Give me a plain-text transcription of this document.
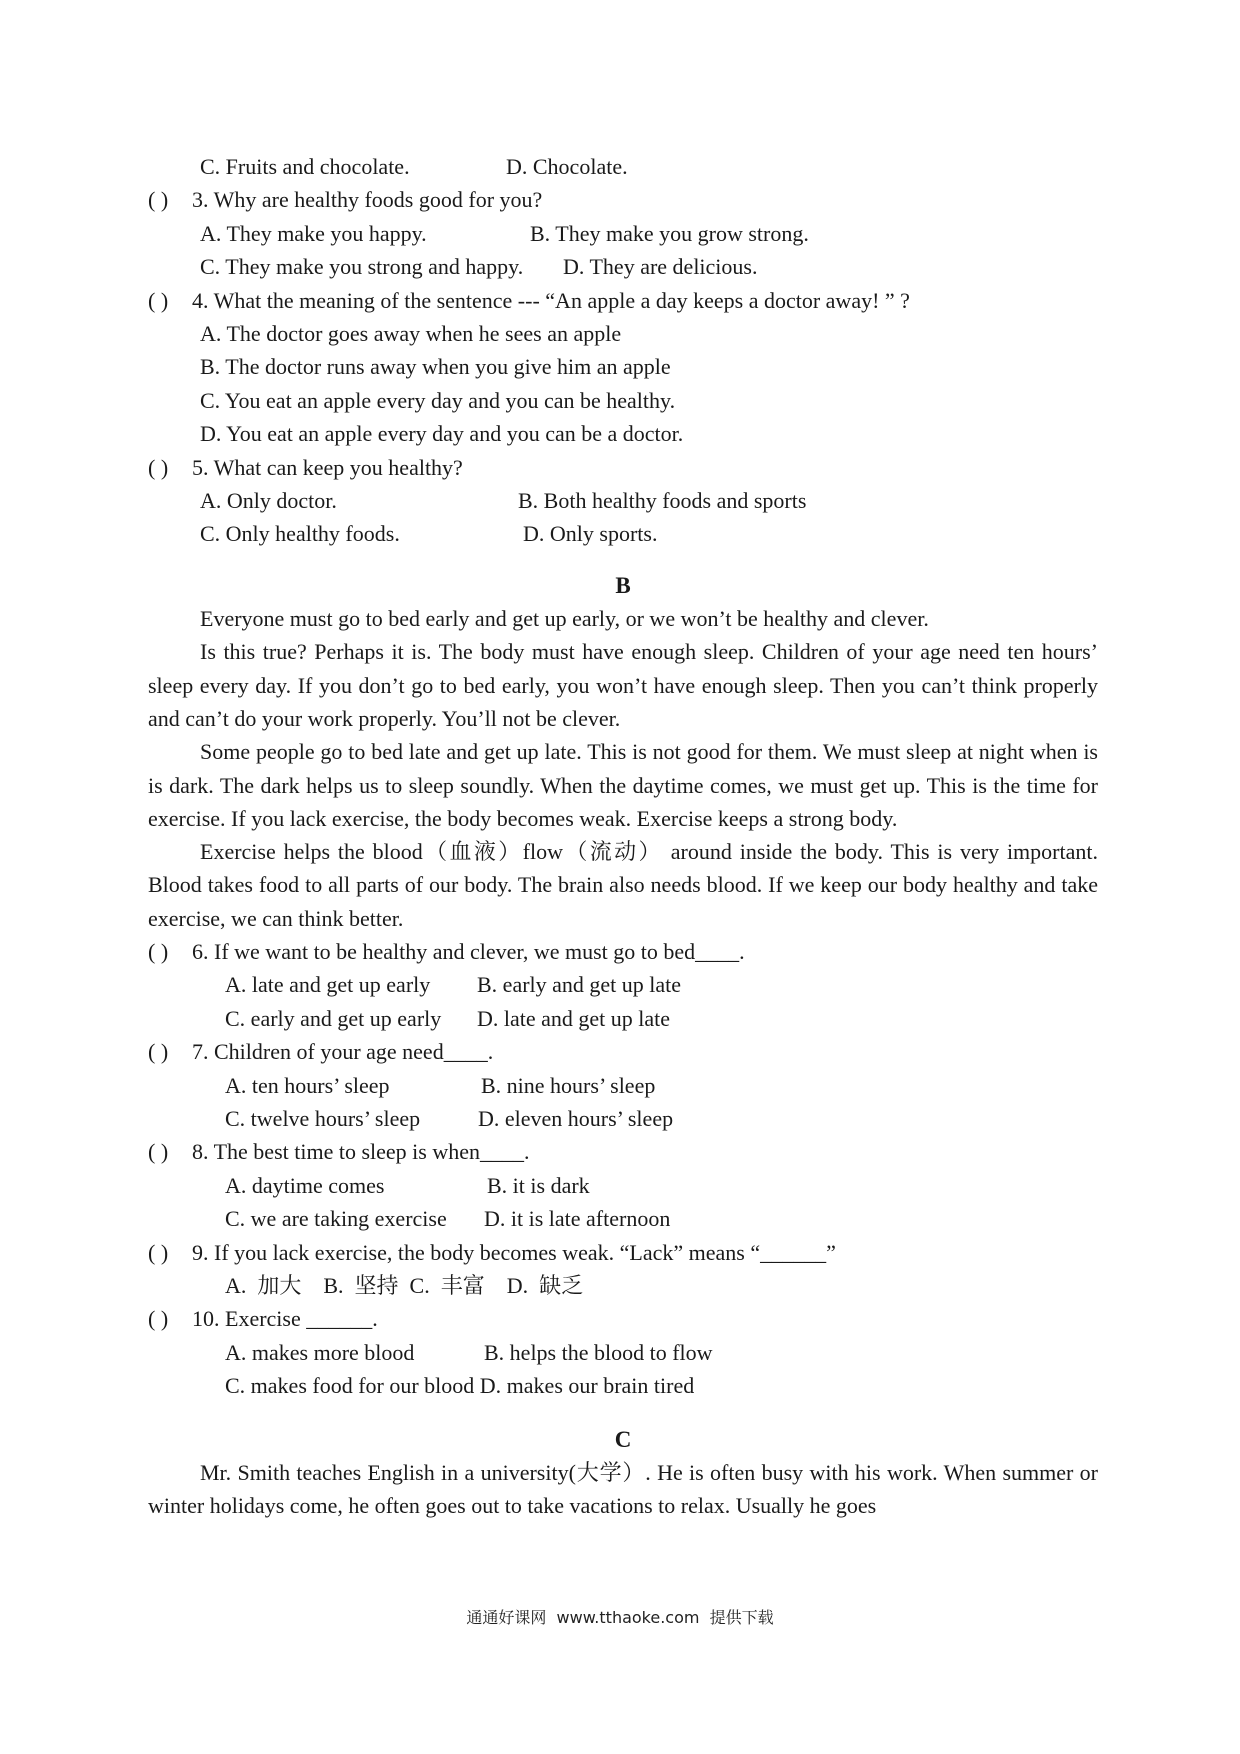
C. Fruits and chocolate.	D. Chocolate.
( ) 3. Why are healthy foods good for you?
A. They make you happy.	B. They make you grow strong.
C. They make you strong and happy. D. They are delicious.
( ) 4. What the meaning of the sentence --- “An apple a day keeps a doctor away! ” ?
A. The doctor goes away when he sees an apple
B. The doctor runs away when you give him an apple
C. You eat an apple every day and you can be healthy.
D. You eat an apple every day and you can be a doctor.
( ) 5. What can keep you healthy?
A. Only doctor.	B. Both healthy foods and sports
C. Only healthy foods.	D. Only sports.
B

Everyone must go to bed early and get up early, or we won’t be healthy and clever.

Is this true? Perhaps it is. The body must have enough sleep. Children of your age need ten hours’ sleep every day. If you don’t go to bed early, you won’t have enough sleep. Then you can’t think properly and can’t do your work properly. You’ll not be clever.

Some people go to bed late and get up late. This is not good for them. We must sleep at night when is is dark. The dark helps us to sleep soundly. When the daytime comes, we must get up. This is the time for exercise. If you lack exercise, the body becomes weak. Exercise keeps a strong body.

Exercise helps the blood（血液）flow（流动） around inside the body. This is very important. Blood takes food to all parts of our body. The brain also needs blood. If we keep our body healthy and take exercise, we can think better.

( ) 6. If we want to be healthy and clever, we must go to bed____.
A. late and get up early B. early and get up late
C. early and get up early D. late and get up late
( ) 7. Children of your age need____.
A. ten hours’ sleep	B. nine hours’ sleep
C. twelve hours’ sleep	D. eleven hours’ sleep
( ) 8. The best time to sleep is when____.
A. daytime comes	B. it is dark
C. we are taking exercise D. it is late afternoon
( ) 9. If you lack exercise, the body becomes weak. “Lack” means “______”
A.  加大    B.  坚持  C.  丰富    D.  缺乏
( ) 10. Exercise ______.
A. makes more blood	B. helps the blood to flow
C. makes food for our blood D. makes our brain tired
C

Mr. Smith teaches English in a university(大学）. He is often busy with his work. When summer or winter holidays come, he often goes out to take vacations to relax. Usually he goes

通通好课网  www.tthaoke.com  提供下载
